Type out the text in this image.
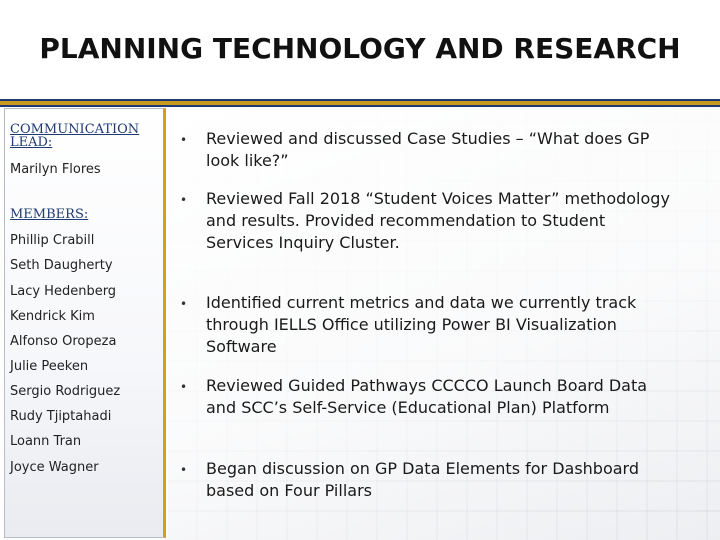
PLANNING TECHNOLOGY AND RESEARCH

COMMUNICATION LEAD:

Marilyn Flores

MEMBERS:

Phillip Crabill
Seth Daugherty
Lacy Hedenberg
Kendrick Kim
Alfonso Oropeza
Julie Peeken
Sergio Rodriguez
Rudy Tjiptahadi
Loann Tran
Joyce Wagner
• Reviewed and discussed Case Studies – “What does GP look like?”
• Reviewed Fall 2018 “Student Voices Matter” methodology and results. Provided recommendation to Student Services Inquiry Cluster.
• Identified current metrics and data we currently track through IELLS Office utilizing Power BI Visualization Software
• Reviewed Guided Pathways CCCCO Launch Board Data and SCC’s Self-Service (Educational Plan) Platform
• Began discussion on GP Data Elements for Dashboard based on Four Pillars
